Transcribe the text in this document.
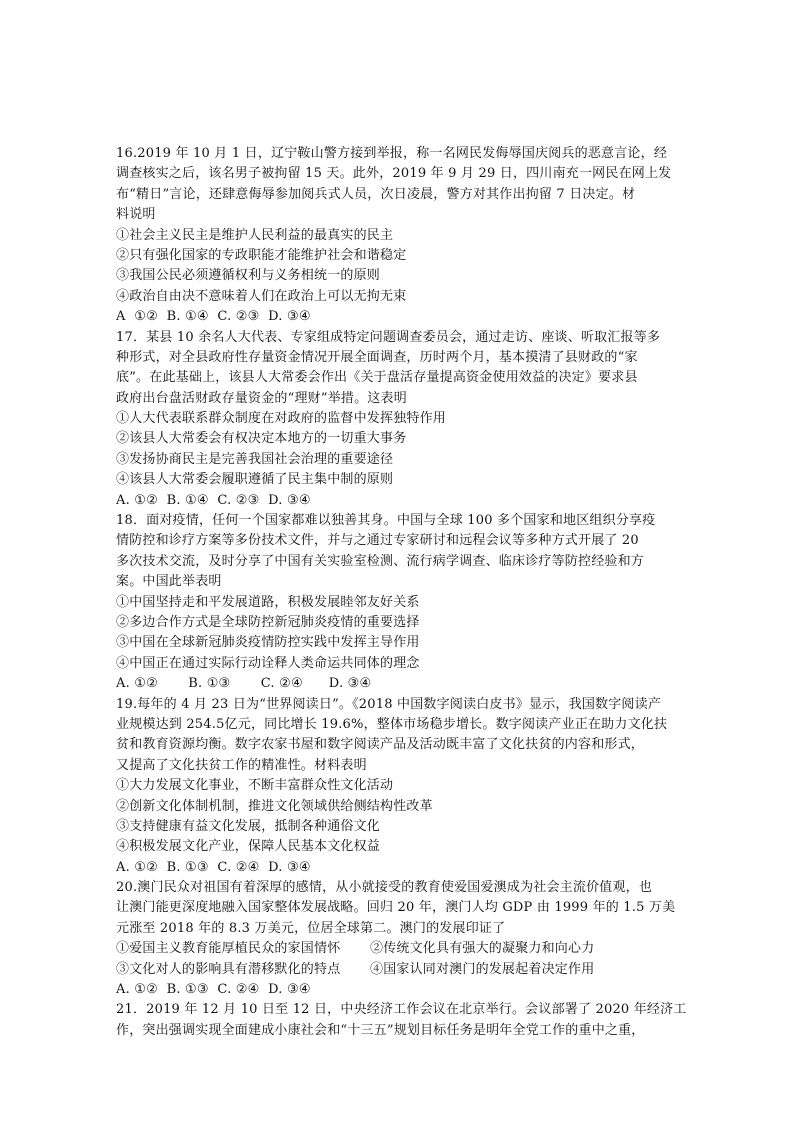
16.2019 年 10 月 1 日，辽宁鞍山警方接到举报，称一名网民发侮辱国庆阅兵的恶意言论，经
调查核实之后，该名男子被拘留 15 天。此外，2019 年 9 月 29 日，四川南充一网民在网上发
布“精日”言论，还肆意侮辱参加阅兵式人员，次日凌晨，警方对其作出拘留 7 日决定。材
料说明
①社会主义民主是维护人民利益的最真实的民主
②只有强化国家的专政职能才能维护社会和谐稳定
③我国公民必须遵循权利与义务相统一的原则
④政治自由决不意味着人们在政治上可以无拘无束
A  ①②  B. ①④  C. ②③  D. ③④
17．某县 10 余名人大代表、专家组成特定问题调查委员会，通过走访、座谈、听取汇报等多
种形式，对全县政府性存量资金情况开展全面调查，历时两个月，基本摸清了县财政的“家
底”。在此基础上，该县人大常委会作出《关于盘活存量提高资金使用效益的决定》要求县
政府出台盘活财政存量资金的“理财”举措。这表明
①人大代表联系群众制度在对政府的监督中发挥独特作用
②该县人大常委会有权决定本地方的一切重大事务
③发扬协商民主是完善我国社会治理的重要途径
④该县人大常委会履职遵循了民主集中制的原则
A. ①②  B. ①④  C. ②③  D. ③④
18．面对疫情，任何一个国家都难以独善其身。中国与全球 100 多个国家和地区组织分享疫
情防控和诊疗方案等多份技术文件，并与之通过专家研讨和远程会议等多种方式开展了 20
多次技术交流，及时分享了中国有关实验室检测、流行病学调查、临床诊疗等防控经验和方
案。中国此举表明
①中国坚持走和平发展道路，积极发展睦邻友好关系
②多边合作方式是全球防控新冠肺炎疫情的重要选择
③中国在全球新冠肺炎疫情防控实践中发挥主导作用
④中国正在通过实际行动诠释人类命运共同体的理念
A. ①②       B. ①③       C. ②④      D. ③④
19.每年的 4 月 23 日为“世界阅读日”。《2018 中国数字阅读白皮书》显示，我国数字阅读产
业规模达到 254.5亿元，同比增长 19.6%，整体市场稳步增长。数字阅读产业正在助力文化扶
贫和教育资源均衡。数字农家书屋和数字阅读产品及活动既丰富了文化扶贫的内容和形式，
又提高了文化扶贫工作的精准性。材料表明
①大力发展文化事业，不断丰富群众性文化活动
②创新文化体制机制，推进文化领域供给侧结构性改革
③支持健康有益文化发展，抵制各种通俗文化
④积极发展文化产业，保障人民基本文化权益
A. ①②  B. ①③  C. ②④  D. ③④
20.澳门民众对祖国有着深厚的感情，从小就接受的教育使爱国爱澳成为社会主流价值观，也
让澳门能更深度地融入国家整体发展战略。回归 20 年，澳门人均 GDP 由 1999 年的 1.5 万美
元涨至 2018 年的 8.3 万美元，位居全球第二。澳门的发展印证了
①爱国主义教育能厚植民众的家国情怀 ②传统文化具有强大的凝聚力和向心力
③文化对人的影响具有潜移默化的特点 ④国家认同对澳门的发展起着决定作用
A. ①②  B. ①③  C. ②④  D. ③④
21．2019 年 12 月 10 日至 12 日，中央经济工作会议在北京举行。会议部署了 2020 年经济工
作，突出强调实现全面建成小康社会和“十三五”规划目标任务是明年全党工作的重中之重，
